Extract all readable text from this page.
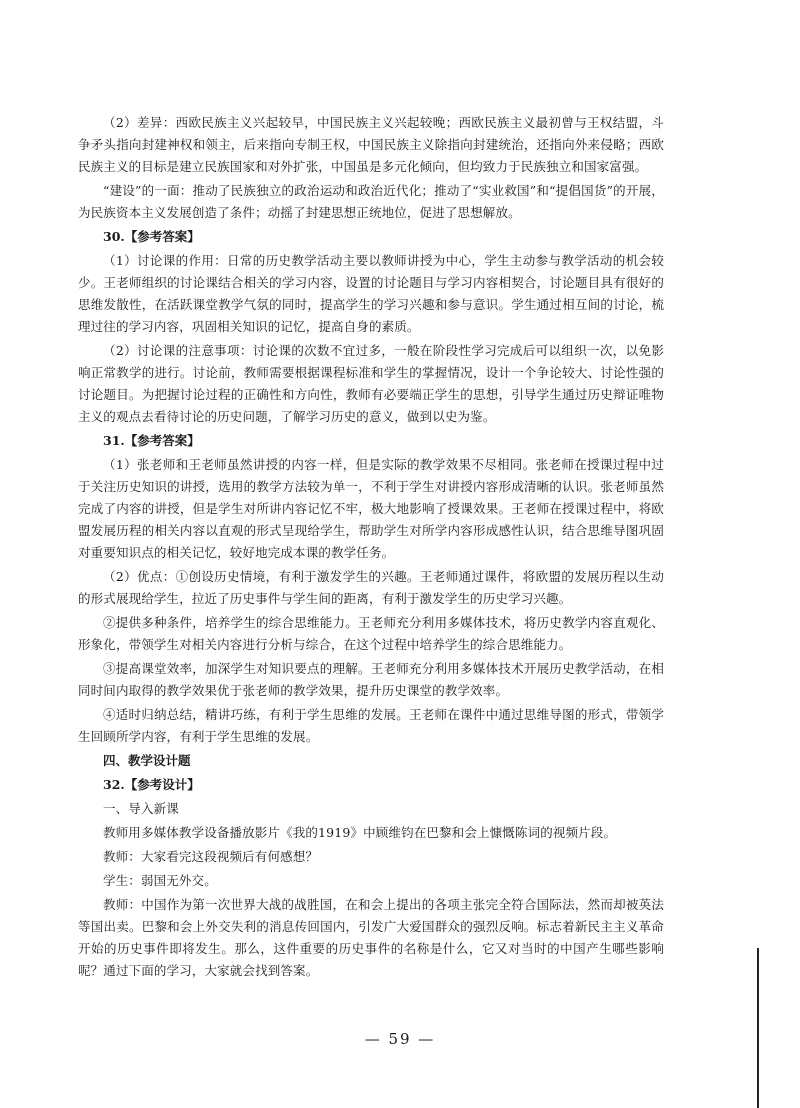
（2）差异：西欧民族主义兴起较早，中国民族主义兴起较晚；西欧民族主义最初曾与王权结盟，斗争矛头指向封建神权和领主，后来指向专制王权，中国民族主义除指向封建统治，还指向外来侵略；西欧民族主义的目标是建立民族国家和对外扩张，中国虽是多元化倾向，但均致力于民族独立和国家富强。

“建设”的一面：推动了民族独立的政治运动和政治近代化；推动了“实业救国”和“提倡国货”的开展，为民族资本主义发展创造了条件；动摇了封建思想正统地位，促进了思想解放。

30.【参考答案】

（1）讨论课的作用：日常的历史教学活动主要以教师讲授为中心，学生主动参与教学活动的机会较少。王老师组织的讨论课结合相关的学习内容，设置的讨论题目与学习内容相契合，讨论题目具有很好的思维发散性，在活跃课堂教学气氛的同时，提高学生的学习兴趣和参与意识。学生通过相互间的讨论，梳理过往的学习内容，巩固相关知识的记忆，提高自身的素质。

（2）讨论课的注意事项：讨论课的次数不宜过多，一般在阶段性学习完成后可以组织一次，以免影响正常教学的进行。讨论前，教师需要根据课程标准和学生的掌握情况，设计一个争论较大、讨论性强的讨论题目。为把握讨论过程的正确性和方向性，教师有必要端正学生的思想，引导学生通过历史辩证唯物主义的观点去看待讨论的历史问题，了解学习历史的意义，做到以史为鉴。

31.【参考答案】

（1）张老师和王老师虽然讲授的内容一样，但是实际的教学效果不尽相同。张老师在授课过程中过于关注历史知识的讲授，选用的教学方法较为单一，不利于学生对讲授内容形成清晰的认识。张老师虽然完成了内容的讲授，但是学生对所讲内容记忆不牢，极大地影响了授课效果。王老师在授课过程中，将欧盟发展历程的相关内容以直观的形式呈现给学生，帮助学生对所学内容形成感性认识，结合思维导图巩固对重要知识点的相关记忆，较好地完成本课的教学任务。

（2）优点：①创设历史情境，有利于激发学生的兴趣。王老师通过课件，将欧盟的发展历程以生动的形式展现给学生，拉近了历史事件与学生间的距离，有利于激发学生的历史学习兴趣。

②提供多种条件，培养学生的综合思维能力。王老师充分利用多媒体技术，将历史教学内容直观化、形象化，带领学生对相关内容进行分析与综合，在这个过程中培养学生的综合思维能力。

③提高课堂效率，加深学生对知识要点的理解。王老师充分利用多媒体技术开展历史教学活动，在相同时间内取得的教学效果优于张老师的教学效果，提升历史课堂的教学效率。

④适时归纳总结，精讲巧练，有利于学生思维的发展。王老师在课件中通过思维导图的形式，带领学生回顾所学内容，有利于学生思维的发展。

四、教学设计题

32.【参考设计】

一、导入新课

教师用多媒体教学设备播放影片《我的1919》中顾维钧在巴黎和会上慷慨陈词的视频片段。

教师：大家看完这段视频后有何感想？

学生：弱国无外交。

教师：中国作为第一次世界大战的战胜国，在和会上提出的各项主张完全符合国际法，然而却被英法等国出卖。巴黎和会上外交失利的消息传回国内，引发广大爱国群众的强烈反响。标志着新民主主义革命开始的历史事件即将发生。那么，这件重要的历史事件的名称是什么，它又对当时的中国产生哪些影响呢？通过下面的学习，大家就会找到答案。

— 59 —
